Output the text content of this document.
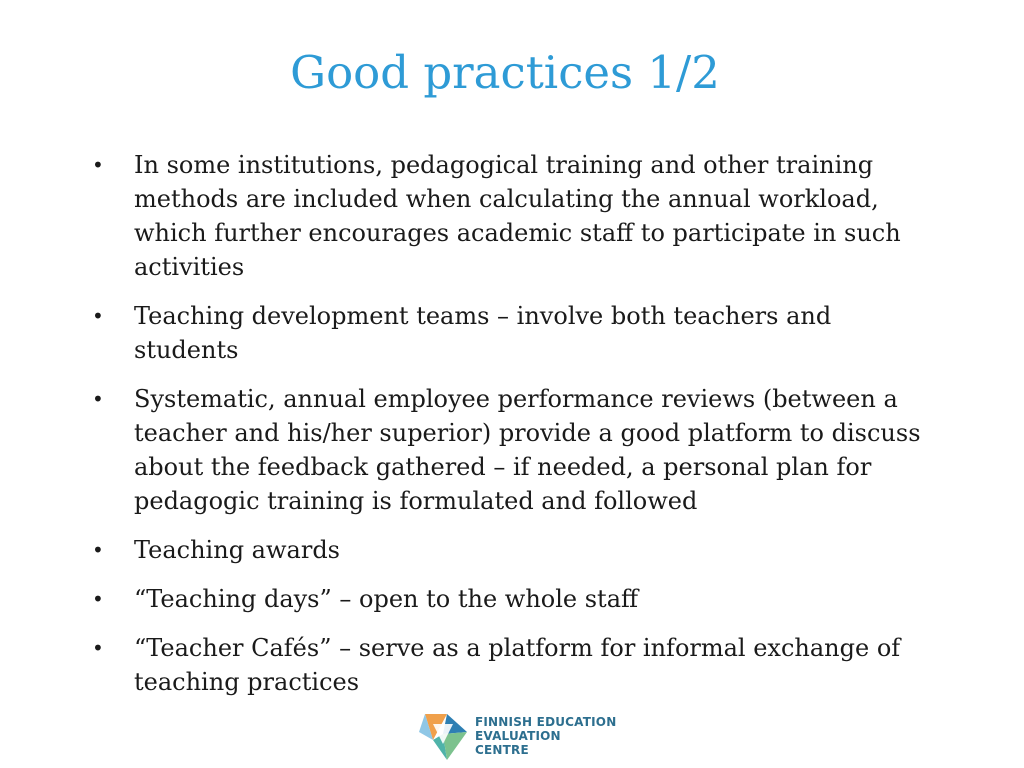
Good practices 1/2
•	In some institutions, pedagogical training and other training methods are included when calculating the annual workload, which further encourages academic staff to participate in such activities
•	Teaching development teams – involve both teachers and students
•	Systematic, annual employee performance reviews (between a teacher and his/her superior) provide a good platform to discuss about the feedback gathered – if needed, a personal plan for pedagogic training is formulated and followed
•	Teaching awards
•	“Teaching days” – open to the whole staff
•	“Teacher Cafés” – serve as a platform for informal exchange of teaching practices
FINNISH EDUCATION
EVALUATION CENTRE
